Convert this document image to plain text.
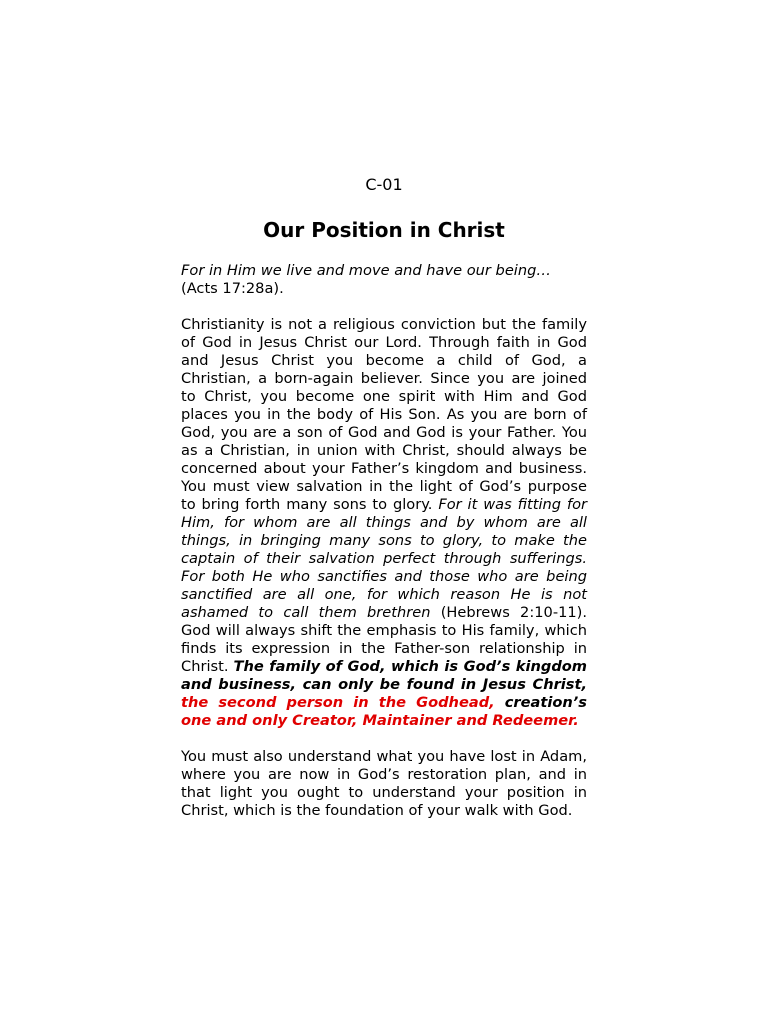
C-01
Our Position in Christ

For in Him we live and move and have our being…
(Acts 17:28a).

Christianity is not a religious conviction but the family of God in Jesus Christ our Lord. Through faith in God and Jesus Christ you become a child of God, a Christian, a born-again believer. Since you are joined to Christ, you become one spirit with Him and God places you in the body of His Son. As you are born of God, you are a son of God and God is your Father. You as a Christian, in union with Christ, should always be concerned about your Father’s kingdom and business. You must view salvation in the light of God’s purpose to bring forth many sons to glory. For it was fitting for Him, for whom are all things and by whom are all things, in bringing many sons to glory, to make the captain of their salvation perfect through sufferings. For both He who sanctifies and those who are being sanctified are all one, for which reason He is not ashamed to call them brethren (Hebrews 2:10-11). God will always shift the emphasis to His family, which finds its expression in the Father-son relationship in Christ. The family of God, which is God’s kingdom and business, can only be found in Jesus Christ, the second person in the Godhead, creation’s one and only Creator, Maintainer and Redeemer.

You must also understand what you have lost in Adam, where you are now in God’s restoration plan, and in that light you ought to understand your position in Christ, which is the foundation of your walk with God.
